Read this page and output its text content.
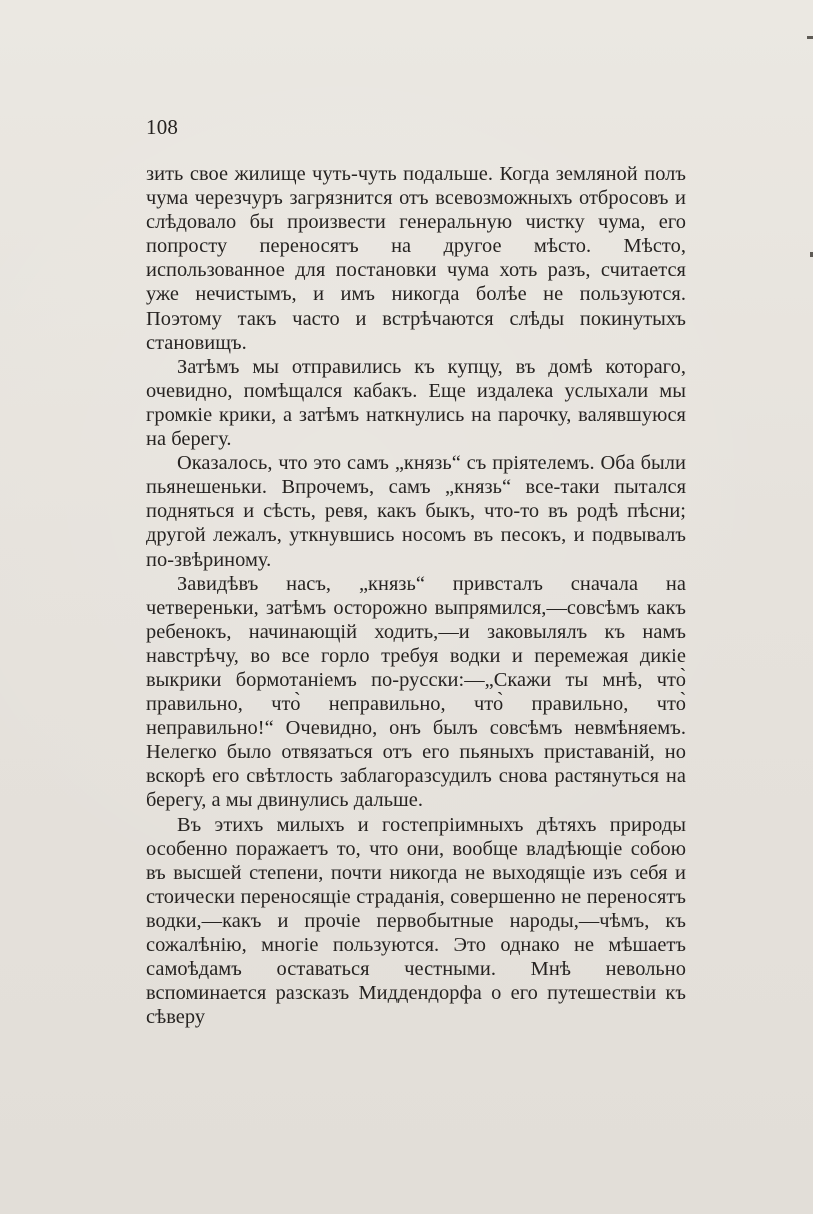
108

зить свое жилище чуть-чуть подальше. Когда земляной полъ чума черезчуръ загрязнится отъ всевозможныхъ отбросовъ и слѣдовало бы произвести генеральную чистку чума, его попросту переносятъ на другое мѣсто. Мѣсто, использованное для постановки чума хоть разъ, считается уже нечистымъ, и имъ никогда болѣе не пользуются. Поэтому такъ часто и встрѣчаются слѣды покинутыхъ становищъ.

Затѣмъ мы отправились къ купцу, въ домѣ котораго, очевидно, помѣщался кабакъ. Еще издалека услыхали мы громкіе крики, а затѣмъ наткнулись на парочку, валявшуюся на берегу.

Оказалось, что это самъ „князь“ съ пріятелемъ. Оба были пьянешеньки. Впрочемъ, самъ „князь“ все-таки пытался подняться и сѣсть, ревя, какъ быкъ, что-то въ родѣ пѣсни; другой лежалъ, уткнувшись носомъ въ песокъ, и подвывалъ по-звѣриному.

Завидѣвъ насъ, „князь“ привсталъ сначала на четвереньки, затѣмъ осторожно выпрямился,—совсѣмъ какъ ребенокъ, начинающій ходить,—и заковылялъ къ намъ навстрѣчу, во все горло требуя водки и перемежая дикіе выкрики бормотаніемъ по-русски:—„Скажи ты мнѣ, что̀ правильно, что̀ неправильно, что̀ правильно, что̀ неправильно!“ Очевидно, онъ былъ совсѣмъ невмѣняемъ. Нелегко было отвязаться отъ его пьяныхъ приставаній, но вскорѣ его свѣтлость заблагоразсудилъ снова растянуться на берегу, а мы двинулись дальше.

Въ этихъ милыхъ и гостепріимныхъ дѣтяхъ природы особенно поражаетъ то, что они, вообще владѣющіе собою въ высшей степени, почти никогда не выходящіе изъ себя и стоически переносящіе страданія, совершенно не переносятъ водки,—какъ и прочіе первобытные народы,—чѣмъ, къ сожалѣнію, многіе пользуются. Это однако не мѣшаетъ самоѣдамъ оставаться честными. Мнѣ невольно вспоминается разсказъ Миддендорфа о его путешествіи къ сѣверу
